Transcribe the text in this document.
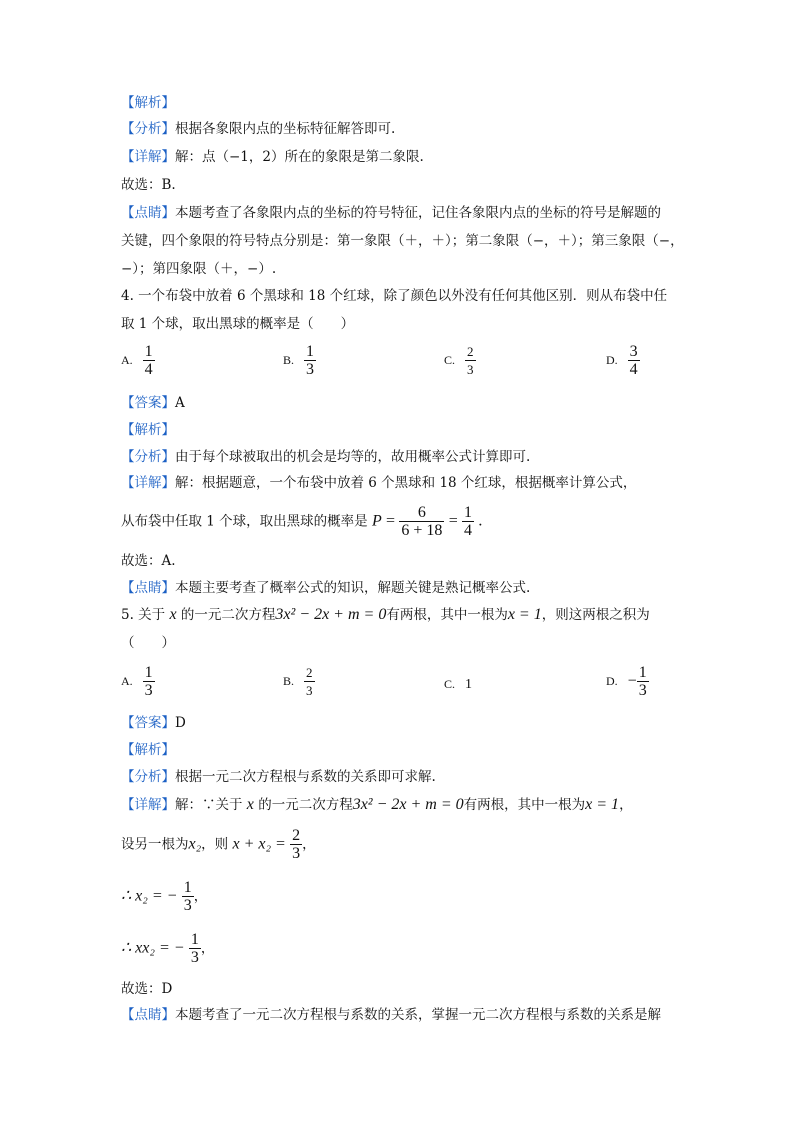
【解析】
【分析】根据各象限内点的坐标特征解答即可.
【详解】解：点（−1，2）所在的象限是第二象限.
故选：B.
【点睛】本题考查了各象限内点的坐标的符号特征，记住各象限内点的坐标的符号是解题的
关键，四个象限的符号特点分别是：第一象限（＋，＋）；第二象限（−，＋）；第三象限（−，
−）；第四象限（＋，−）.
4. 一个布袋中放着 6 个黑球和 18 个红球，除了颜色以外没有任何其他区别．则从布袋中任
取 1 个球，取出黑球的概率是（　　）
A. $\frac{1}{4}$	B. $\frac{1}{3}$	C. $\frac{2}{3}$	D. $\frac{3}{4}$
【答案】A
【解析】
【分析】由于每个球被取出的机会是均等的，故用概率公式计算即可.
【详解】解：根据题意，一个布袋中放着 6 个黑球和 18 个红球，根据概率计算公式，
从布袋中任取 1 个球，取出黑球的概率是 $P = \frac{6}{6 + 18} = \frac{1}{4}$ .
故选：A.
【点睛】本题主要考查了概率公式的知识，解题关键是熟记概率公式.
5. 关于 x 的一元二次方程3x² − 2x + m = 0有两根，其中一根为x = 1，则这两根之积为
（　　）
A. $\frac{1}{3}$	B. $\frac{2}{3}$	C. 1	D. − $\frac{1}{3}$
【答案】D
【解析】
【分析】根据一元二次方程根与系数的关系即可求解.
【详解】解：∵关于 x 的一元二次方程3x² − 2x + m = 0有两根，其中一根为x = 1，
设另一根为x₂，则 $x + x_2 = \frac{2}{3}$ ，
∴ x₂ = − $\frac{1}{3}$ ，
∴ xx₂ = − $\frac{1}{3}$ ，
故选：D
【点睛】本题考查了一元二次方程根与系数的关系，掌握一元二次方程根与系数的关系是解
